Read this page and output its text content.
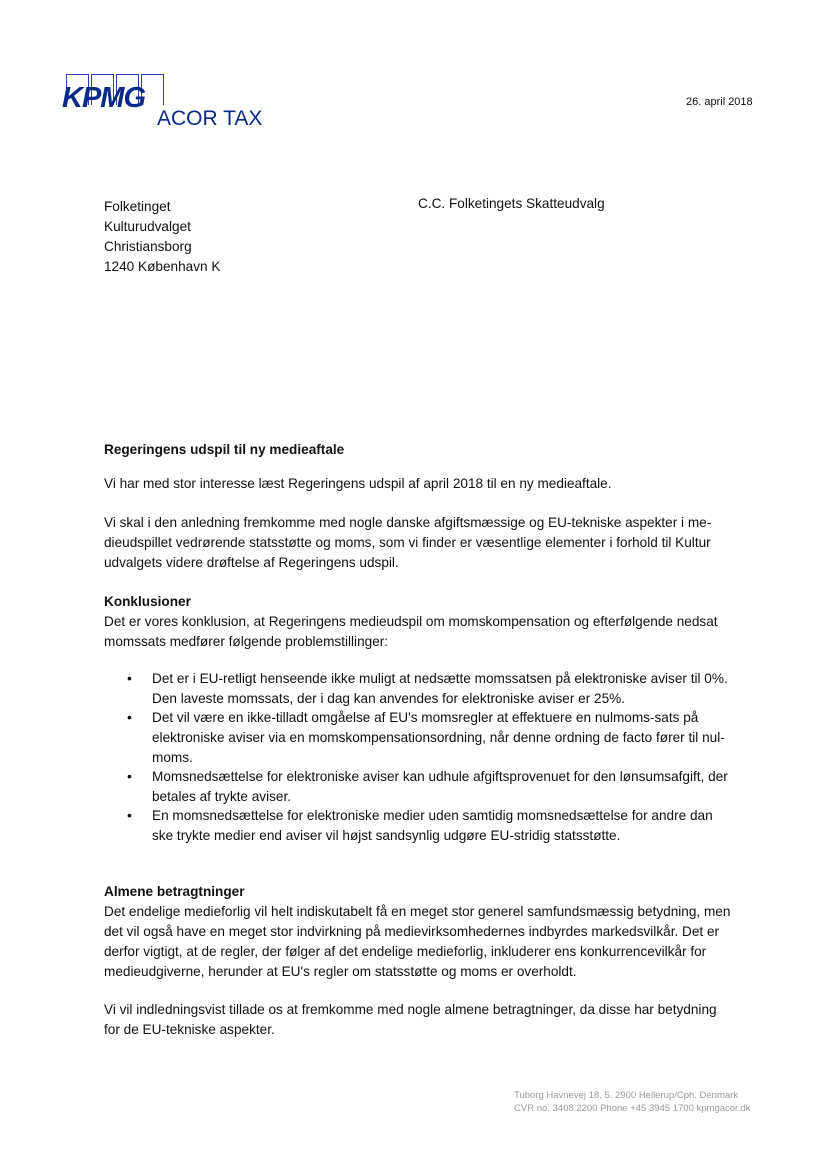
KPMG
ACOR TAX
26. april 2018
Folketinget
Kulturudvalget
Christiansborg
1240 København K
C.C. Folketingets Skatteudvalg
Regeringens udspil til ny medieaftale
Vi har med stor interesse læst Regeringens udspil af april 2018 til en ny medieaftale.
Vi skal i den anledning fremkomme med nogle danske afgiftsmæssige og EU-tekniske aspekter i me-
dieudspillet vedrørende statsstøtte og moms, som vi finder er væsentlige elementer i forhold til Kultur
udvalgets videre drøftelse af Regeringens udspil.
Konklusioner
Det er vores konklusion, at Regeringens medieudspil om momskompensation og efterfølgende nedsat
momssats medfører følgende problemstillinger:
• Det er i EU-retligt henseende ikke muligt at nedsætte momssatsen på elektroniske aviser til 0%.
Den laveste momssats, der i dag kan anvendes for elektroniske aviser er 25%.
• Det vil være en ikke-tilladt omgåelse af EU's momsregler at effektuere en nulmoms-sats på
elektroniske aviser via en momskompensationsordning, når denne ordning de facto fører til nul-
moms.
• Momsnedsættelse for elektroniske aviser kan udhule afgiftsprovenuet for den lønsumsafgift, der
betales af trykte aviser.
• En momsnedsættelse for elektroniske medier uden samtidig momsnedsættelse for andre dan
ske trykte medier end aviser vil højst sandsynlig udgøre EU-stridig statsstøtte.
Almene betragtninger
Det endelige medieforlig vil helt indiskutabelt få en meget stor generel samfundsmæssig betydning, men
det vil også have en meget stor indvirkning på medievirksomhedernes indbyrdes markedsvilkår. Det er
derfor vigtigt, at de regler, der følger af det endelige medieforlig, inkluderer ens konkurrencevilkår for
medieudgiverne, herunder at EU's regler om statsstøtte og moms er overholdt.
Vi vil indledningsvist tillade os at fremkomme med nogle almene betragtninger, da disse har betydning
for de EU-tekniske aspekter.
Tuborg Havnevej 18, 5. 2900 Hellerup/Cph. Denmark
CVR no. 3408 2200 Phone +45 3945 1700 kpmgacor.dk
